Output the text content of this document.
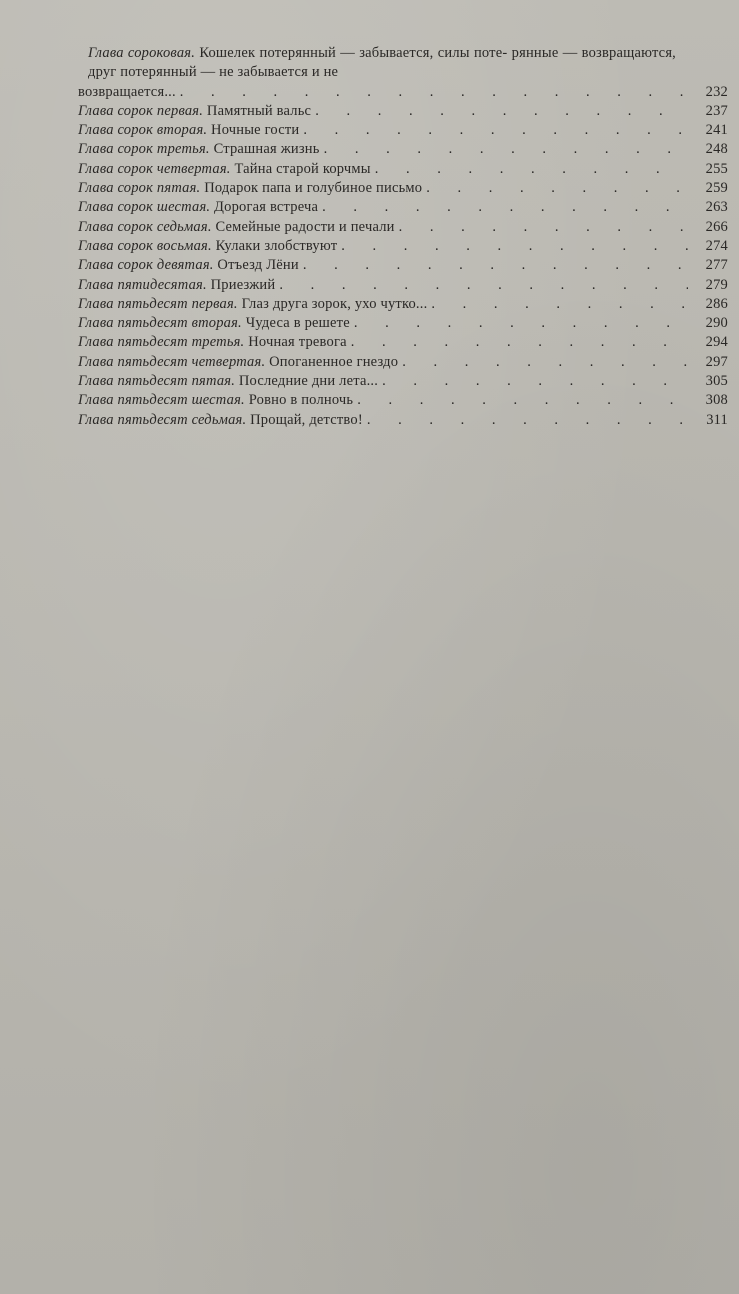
Глава сороковая. Кошелек потерянный — забывается, силы поте- рянные — возвращаются, друг потерянный — не забывается и не
возвращается... . . .	232
Глава сорок первая. Памятный вальс . . .	237
Глава сорок вторая. Ночные гости . . .	241
Глава сорок третья. Страшная жизнь . . .	248
Глава сорок четвертая. Тайна старой корчмы . . .	255
Глава сорок пятая. Подарок папа и голубиное письмо . . .	259
Глава сорок шестая. Дорогая встреча . . .	263
Глава сорок седьмая. Семейные радости и печали . . .	266
Глава сорок восьмая. Кулаки злобствуют . . .	274
Глава сорок девятая. Отъезд Лёни . . .	277
Глава пятидесятая. Приезжий . . .	279
Глава пятьдесят первая. Глаз друга зорок, ухо чутко... . . .	286
Глава пятьдесят вторая. Чудеса в решете . . .	290
Глава пятьдесят третья. Ночная тревога . . .	294
Глава пятьдесят четвертая. Опоганенное гнездо . . .	297
Глава пятьдесят пятая. Последние дни лета... . . .	305
Глава пятьдесят шестая. Ровно в полночь . . .	308
Глава пятьдесят седьмая. Прощай, детство! . . .	311
